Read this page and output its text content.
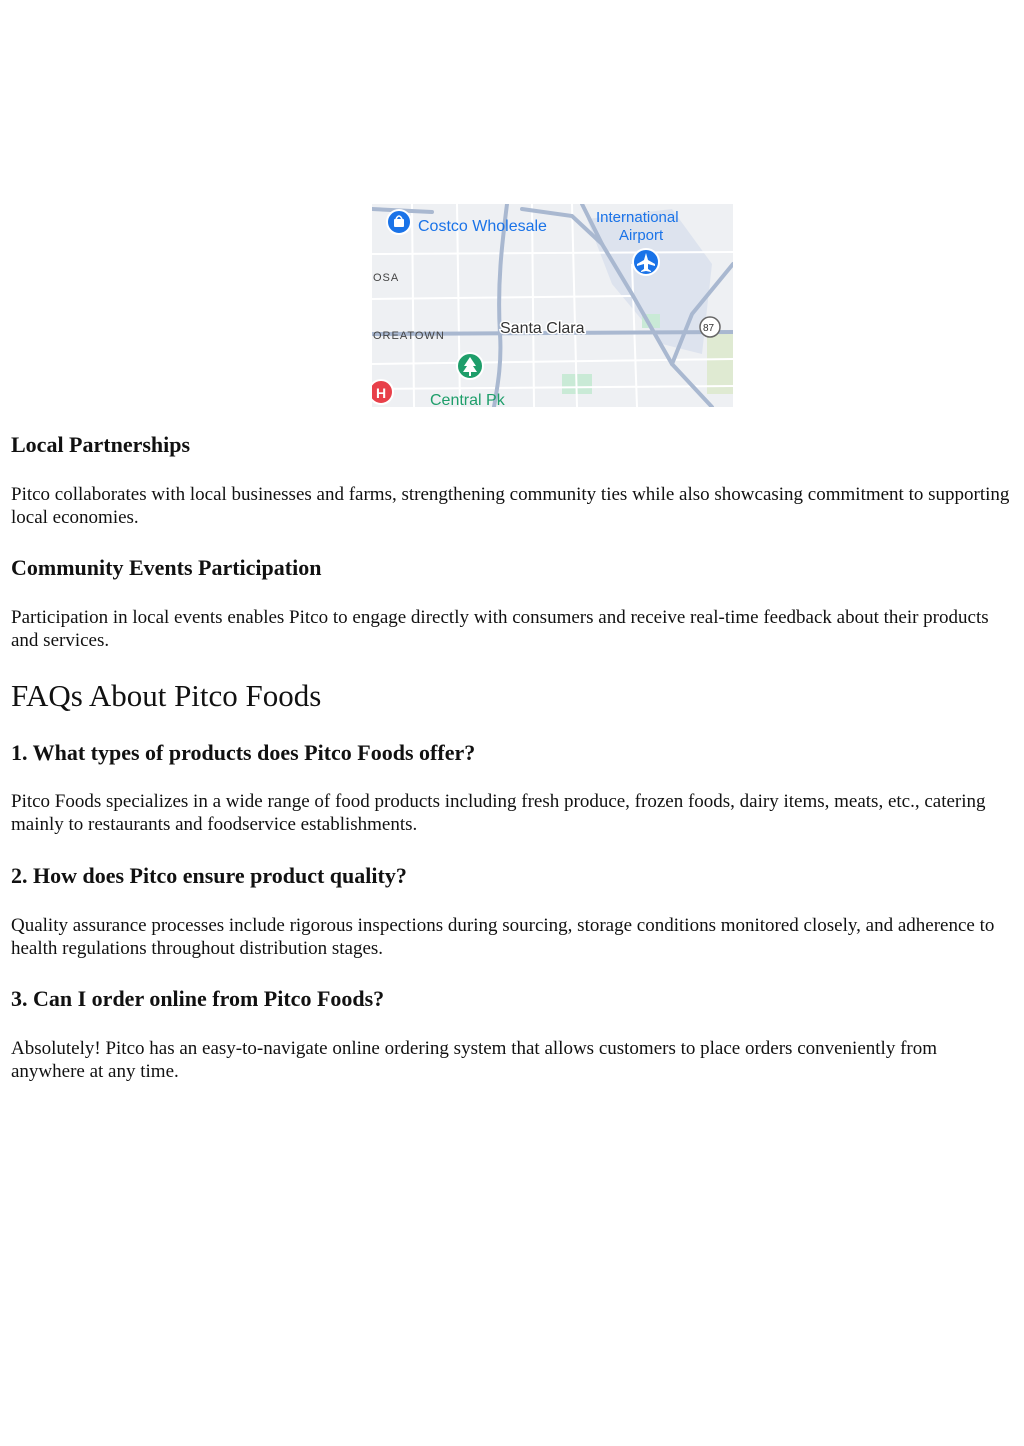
Costco Wholesale
International
Airport
Santa Clara
OREATOWN
OSA
87
Central Pk
H
Local Partnerships

Pitco collaborates with local businesses and farms, strengthening community ties while also showcasing commitment to supporting local economies.

Community Events Participation

Participation in local events enables Pitco to engage directly with consumers and receive real-time feedback about their products and services.

FAQs About Pitco Foods
1. What types of products does Pitco Foods offer?

Pitco Foods specializes in a wide range of food products including fresh produce, frozen foods, dairy items, meats, etc., catering mainly to restaurants and foodservice establishments.

2. How does Pitco ensure product quality?

Quality assurance processes include rigorous inspections during sourcing, storage conditions monitored closely, and adherence to health regulations throughout distribution stages.

3. Can I order online from Pitco Foods?

Absolutely! Pitco has an easy-to-navigate online ordering system that allows customers to place orders conveniently from anywhere at any time.
